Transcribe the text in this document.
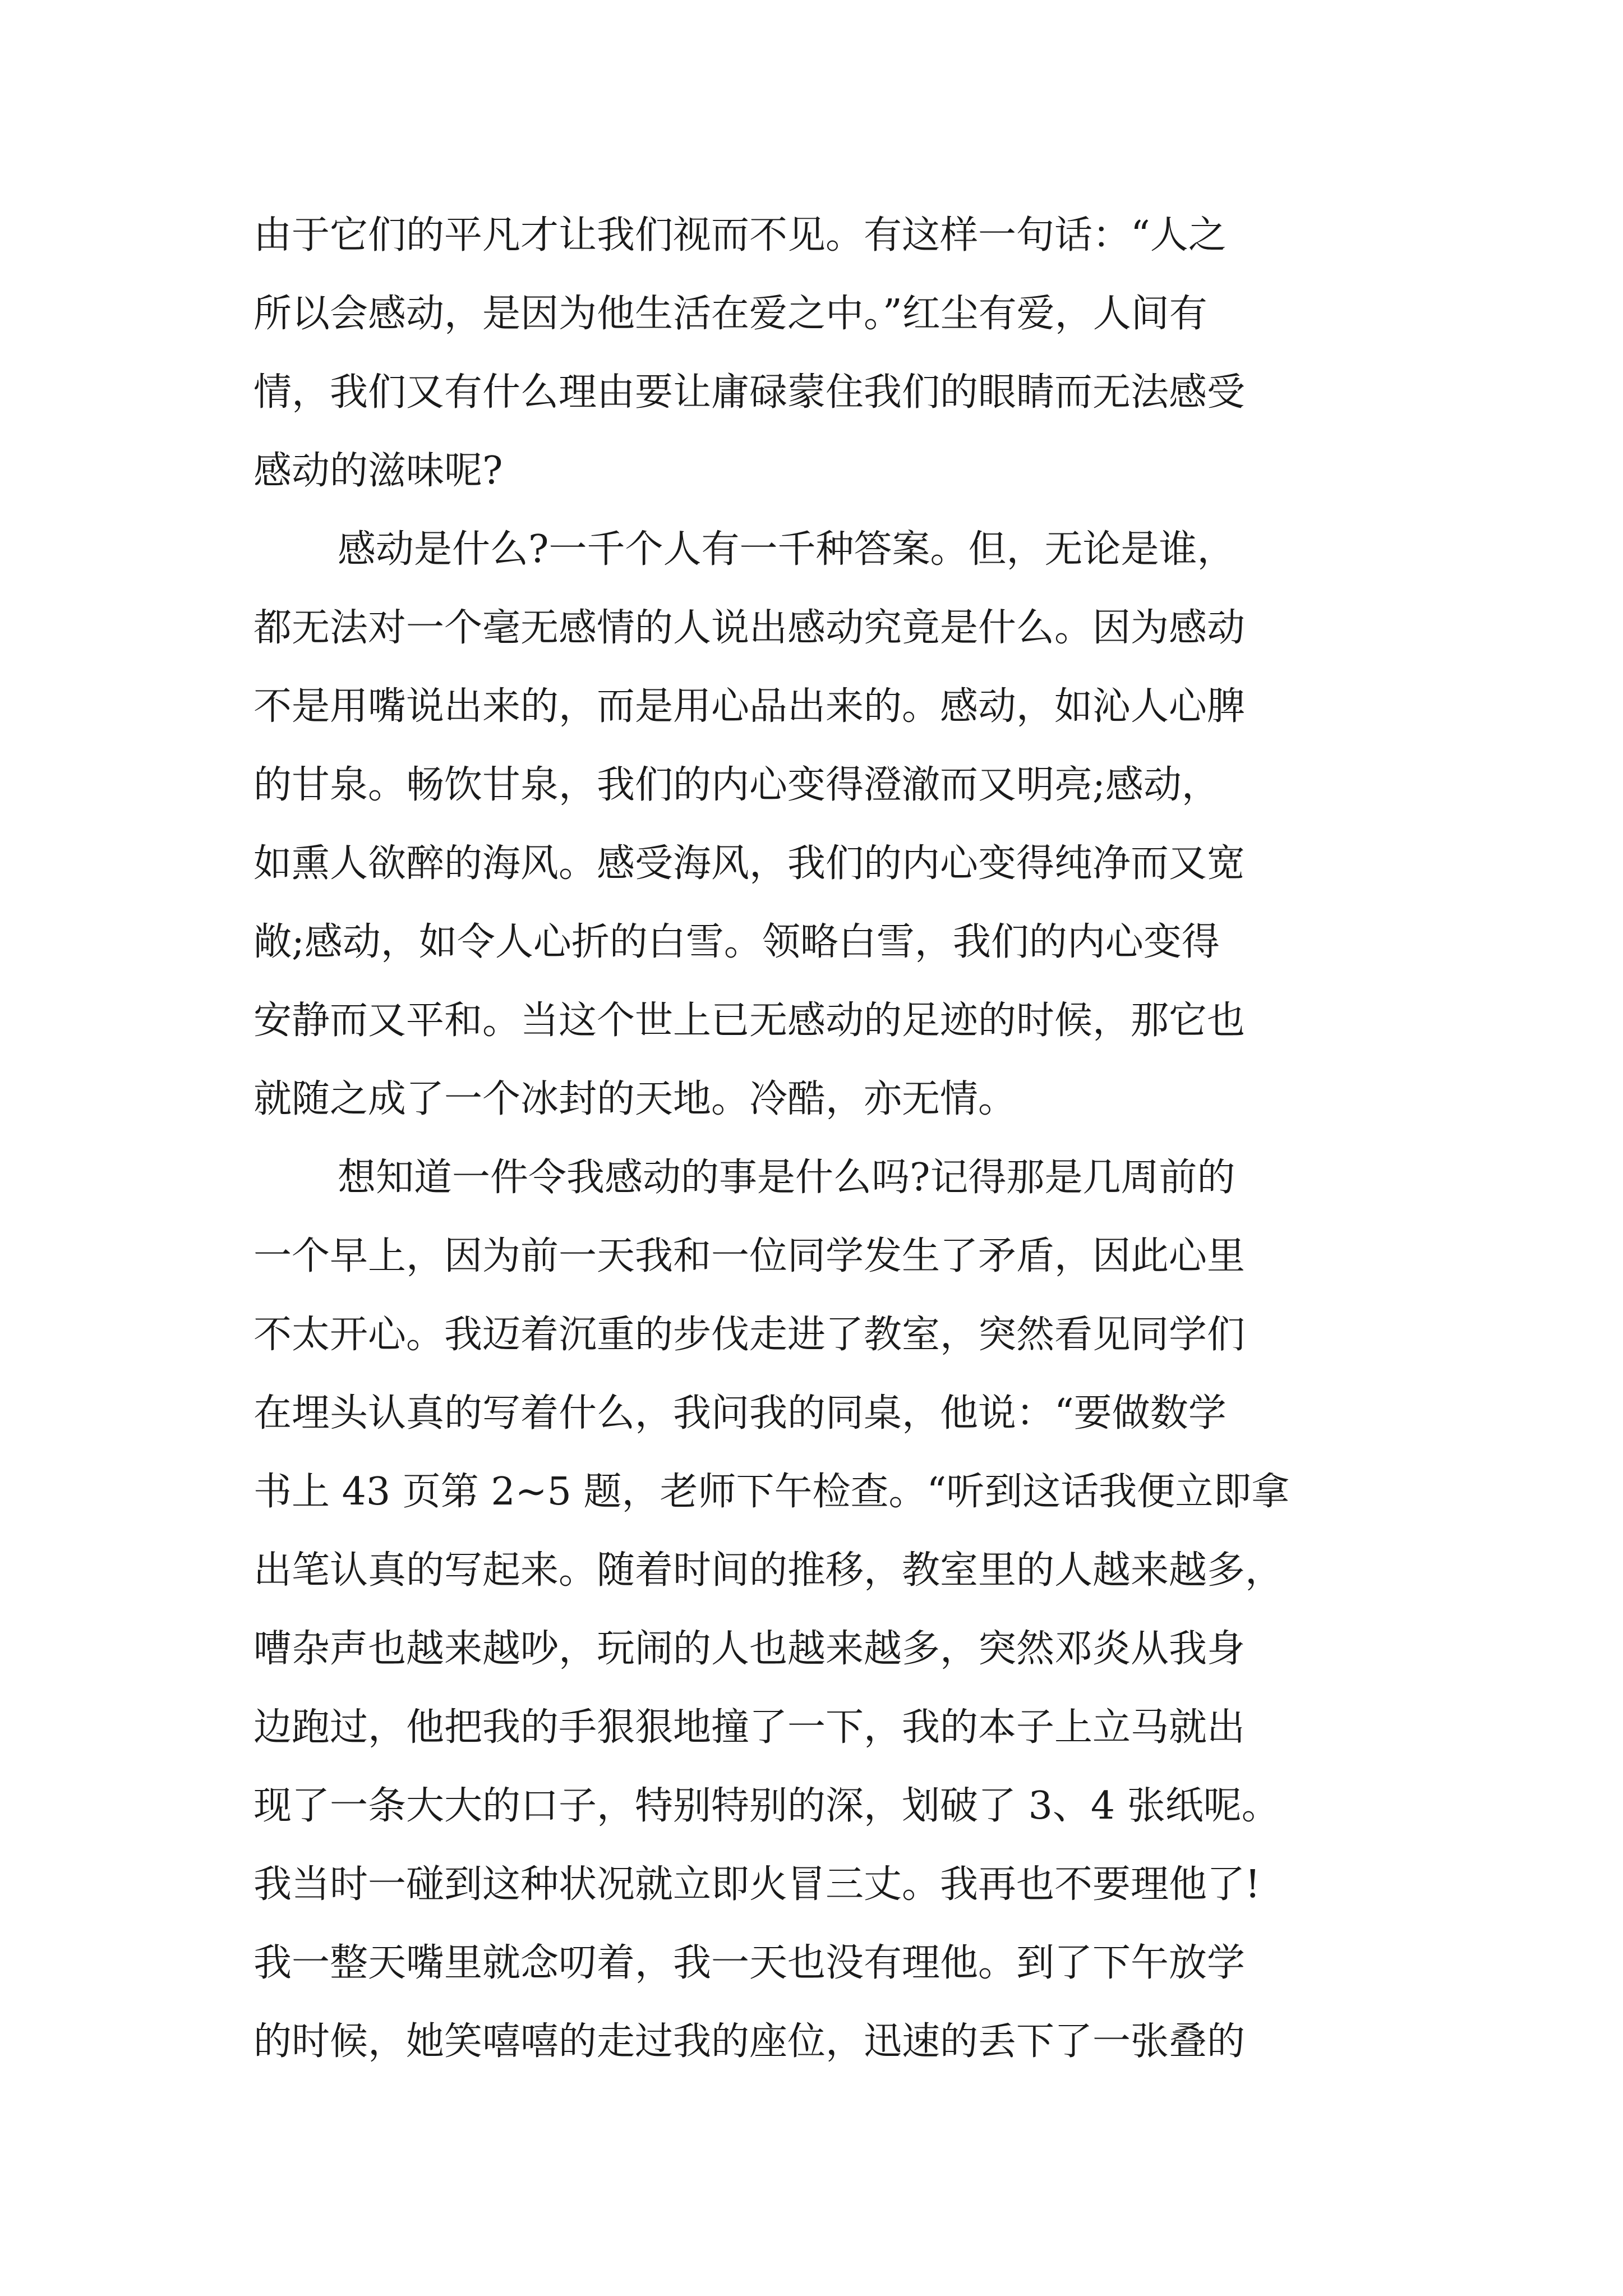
由于它们的平凡才让我们视而不见。有这样一句话：“人之
所以会感动，是因为他生活在爱之中。”红尘有爱，人间有
情，我们又有什么理由要让庸碌蒙住我们的眼睛而无法感受
感动的滋味呢?
感动是什么?一千个人有一千种答案。但，无论是谁，
都无法对一个毫无感情的人说出感动究竟是什么。因为感动
不是用嘴说出来的，而是用心品出来的。感动，如沁人心脾
的甘泉。畅饮甘泉，我们的内心变得澄澈而又明亮;感动，
如熏人欲醉的海风。感受海风，我们的内心变得纯净而又宽
敞;感动，如令人心折的白雪。领略白雪，我们的内心变得
安静而又平和。当这个世上已无感动的足迹的时候，那它也
就随之成了一个冰封的天地。冷酷，亦无情。
想知道一件令我感动的事是什么吗?记得那是几周前的
一个早上，因为前一天我和一位同学发生了矛盾，因此心里
不太开心。我迈着沉重的步伐走进了教室，突然看见同学们
在埋头认真的写着什么，我问我的同桌，他说：“要做数学
书上 43 页第 2~5 题，老师下午检查。“听到这话我便立即拿
出笔认真的写起来。随着时间的推移，教室里的人越来越多，
嘈杂声也越来越吵，玩闹的人也越来越多，突然邓炎从我身
边跑过，他把我的手狠狠地撞了一下，我的本子上立马就出
现了一条大大的口子，特别特别的深，划破了 3、4 张纸呢。
我当时一碰到这种状况就立即火冒三丈。我再也不要理他了!
我一整天嘴里就念叨着，我一天也没有理他。到了下午放学
的时候，她笑嘻嘻的走过我的座位，迅速的丢下了一张叠的
